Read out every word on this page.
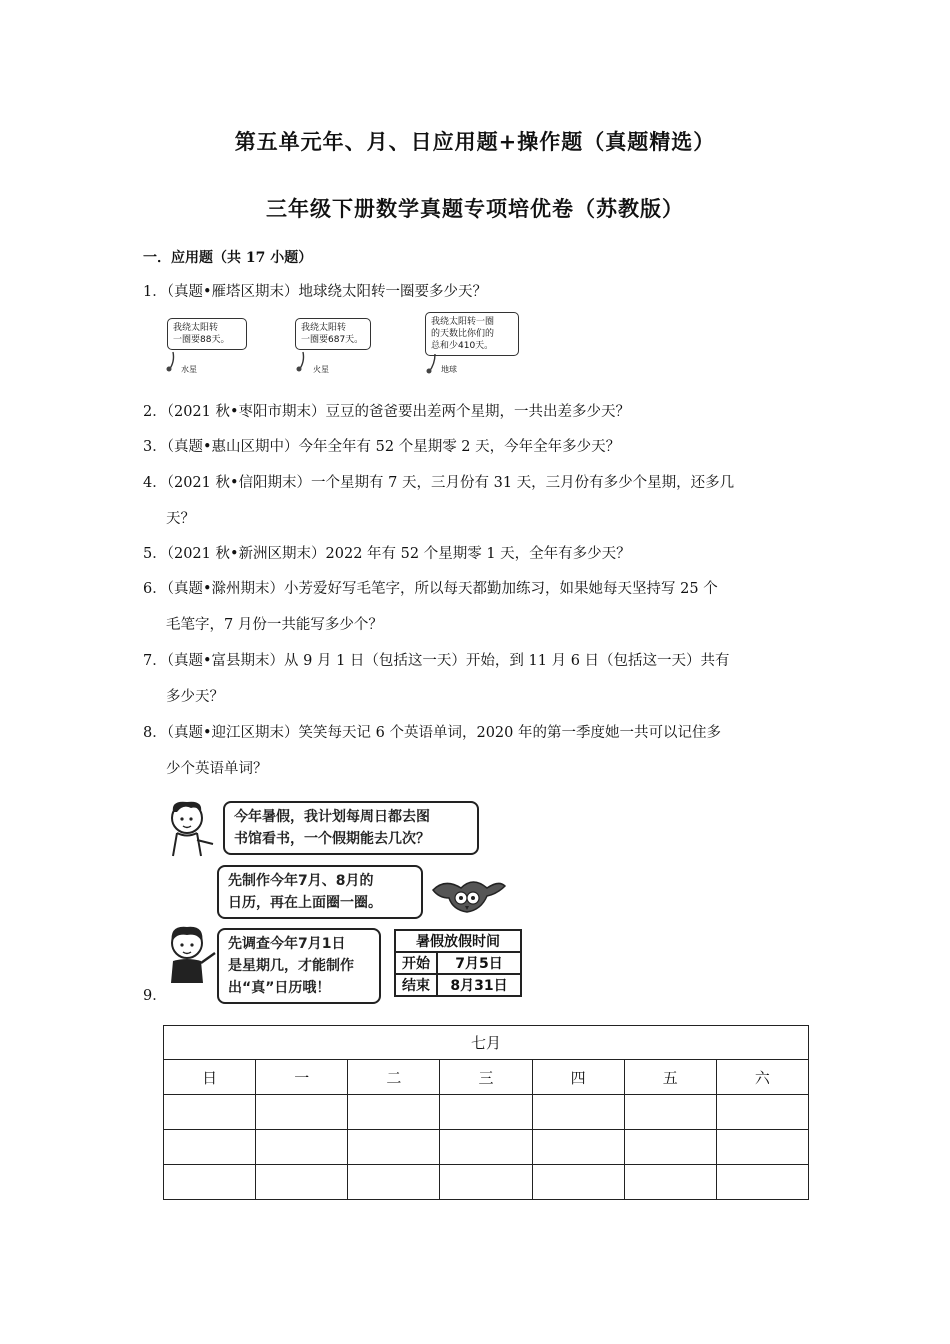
第五单元年、月、日应用题+操作题（真题精选）
三年级下册数学真题专项培优卷（苏教版）
一．应用题（共 17 小题）
1．（真题•雁塔区期末）地球绕太阳转一圈要多少天？
我绕太阳转
一圈要88天。
水星
我绕太阳转
一圈要687天。
火星
我绕太阳转一圈
的天数比你们的
总和少410天。
地球
2．（2021 秋•枣阳市期末）豆豆的爸爸要出差两个星期，一共出差多少天？
3．（真题•惠山区期中）今年全年有 52 个星期零 2 天，今年全年多少天？
4．（2021 秋•信阳期末）一个星期有 7 天，三月份有 31 天，三月份有多少个星期，还多几
天？
5．（2021 秋•新洲区期末）2022 年有 52 个星期零 1 天，全年有多少天？
6．（真题•滁州期末）小芳爱好写毛笔字，所以每天都勤加练习，如果她每天坚持写 25 个
毛笔字，7 月份一共能写多少个？
7．（真题•富县期末）从 9 月 1 日（包括这一天）开始，到 11 月 6 日（包括这一天）共有
多少天？
8．（真题•迎江区期末）笑笑每天记 6 个英语单词，2020 年的第一季度她一共可以记住多
少个英语单词？
今年暑假，我计划每周日都去图
书馆看书，一个假期能去几次？
先制作今年7月、8月的
日历，再在上面圈一圈。
先调查今年7月1日
是星期几，才能制作
出“真”日历哦！
暑假放假时间	
开始	7月5日
结束	8月31日
9．
七月						
日	一	二	三	四	五	六
